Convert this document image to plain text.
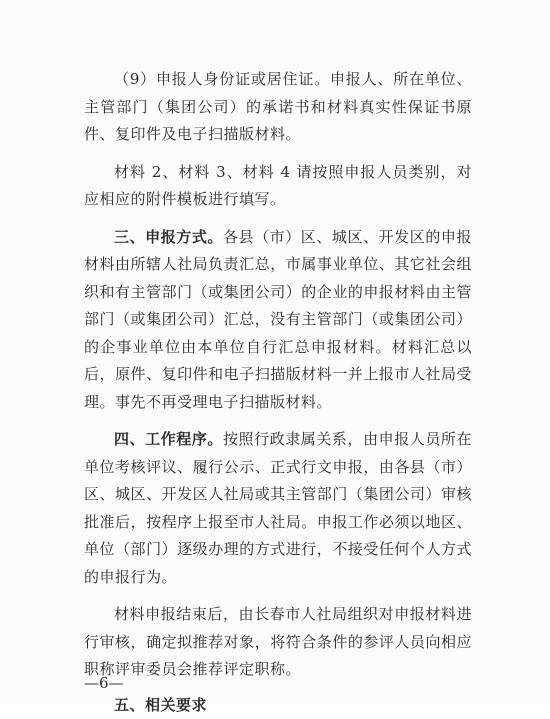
（9）申报人身份证或居住证。申报人、所在单位、主管部门（集团公司）的承诺书和材料真实性保证书原件、复印件及电子扫描版材料。

材料 2、材料 3、材料 4 请按照申报人员类别，对应相应的附件模板进行填写。

三、申报方式。各县（市）区、城区、开发区的申报材料由所辖人社局负责汇总，市属事业单位、其它社会组织和有主管部门（或集团公司）的企业的申报材料由主管部门（或集团公司）汇总，没有主管部门（或集团公司）的企事业单位由本单位自行汇总申报材料。材料汇总以后，原件、复印件和电子扫描版材料一并上报市人社局受理。事先不再受理电子扫描版材料。

四、工作程序。按照行政隶属关系，由申报人员所在单位考核评议、履行公示、正式行文申报，由各县（市）区、城区、开发区人社局或其主管部门（集团公司）审核批准后，按程序上报至市人社局。申报工作必须以地区、单位（部门）逐级办理的方式进行，不接受任何个人方式的申报行为。

材料申报结束后，由长春市人社局组织对申报材料进行审核，确定拟推荐对象，将符合条件的参评人员向相应职称评审委员会推荐评定职称。

五、相关要求

—6—
